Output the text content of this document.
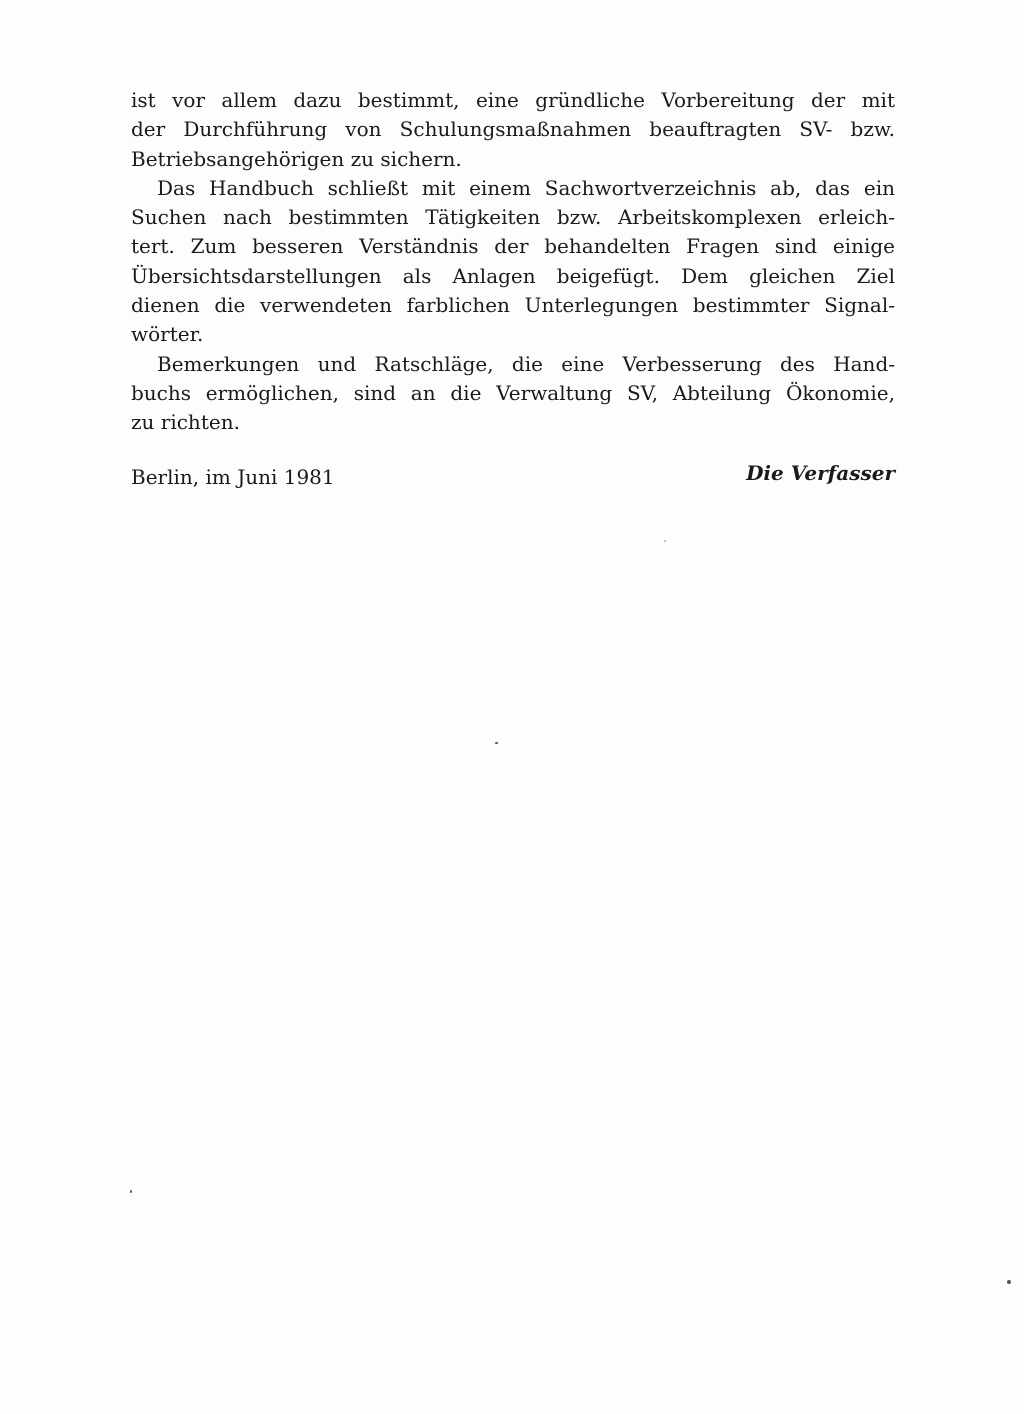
ist vor allem dazu bestimmt, eine gründliche Vorbereitung der mit
der Durchführung von Schulungsmaßnahmen beauftragten SV- bzw.
Betriebsangehörigen zu sichern.
Das Handbuch schließt mit einem Sachwortverzeichnis ab, das ein
Suchen nach bestimmten Tätigkeiten bzw. Arbeitskomplexen erleich-
tert. Zum besseren Verständnis der behandelten Fragen sind einige
Übersichtsdarstellungen als Anlagen beigefügt. Dem gleichen Ziel
dienen die verwendeten farblichen Unterlegungen bestimmter Signal-
wörter.
Bemerkungen und Ratschläge, die eine Verbesserung des Hand-
buchs ermöglichen, sind an die Verwaltung SV, Abteilung Ökonomie,
zu richten.
Berlin, im Juni 1981	Die Verfasser
